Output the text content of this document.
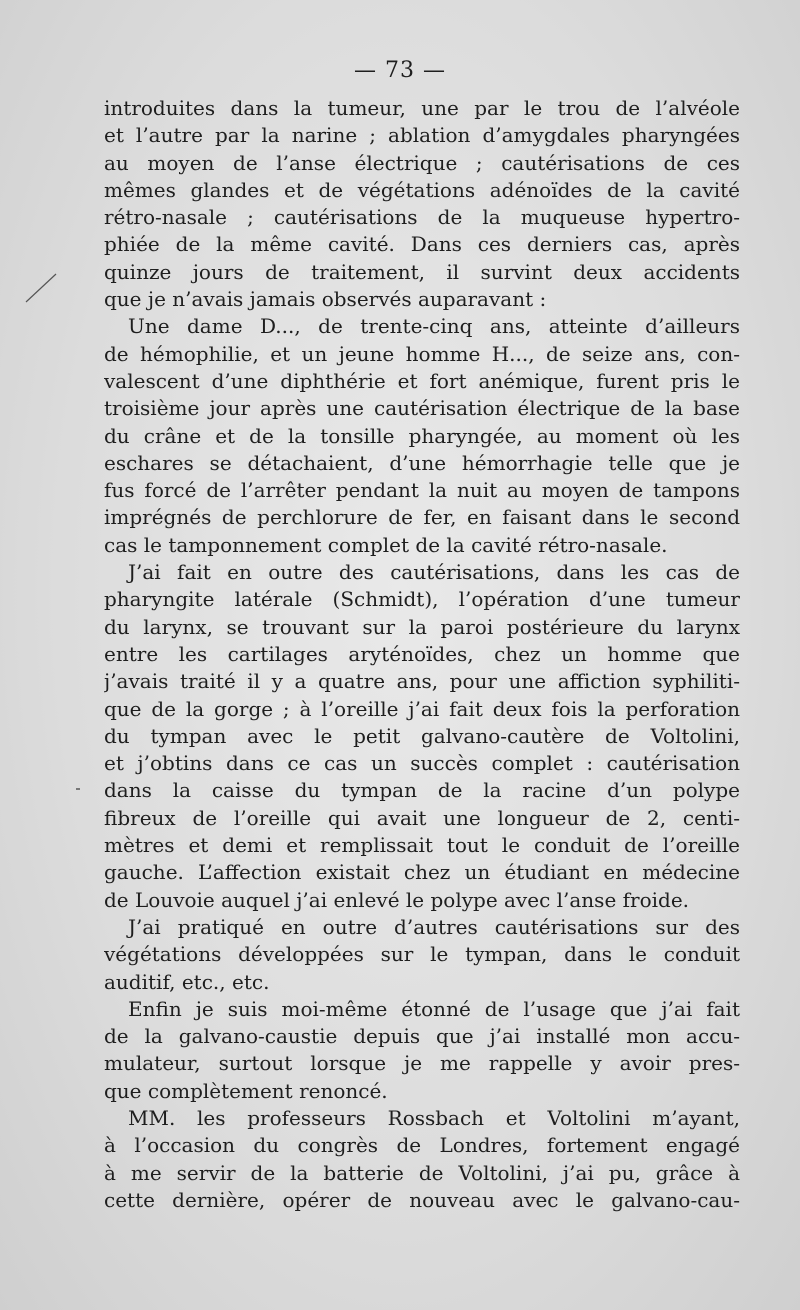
— 73 —
introduites dans la tumeur, une par le trou de l’alvéole
et l’autre par la narine ; ablation d’amygdales pharyngées
au moyen de l’anse électrique ; cautérisations de ces
mêmes glandes et de végétations adénoïdes de la cavité
rétro-nasale ; cautérisations de la muqueuse hypertro-
phiée de la même cavité. Dans ces derniers cas, après
quinze jours de traitement, il survint deux accidents
que je n’avais jamais observés auparavant :
Une dame D..., de trente-cinq ans, atteinte d’ailleurs
de hémophilie, et un jeune homme H..., de seize ans, con-
valescent d’une diphthérie et fort anémique, furent pris le
troisième jour après une cautérisation électrique de la base
du crâne et de la tonsille pharyngée, au moment où les
eschares se détachaient, d’une hémorrhagie telle que je
fus forcé de l’arrêter pendant la nuit au moyen de tampons
imprégnés de perchlorure de fer, en faisant dans le second
cas le tamponnement complet de la cavité rétro-nasale.
J’ai fait en outre des cautérisations, dans les cas de
pharyngite latérale (Schmidt), l’opération d’une tumeur
du larynx, se trouvant sur la paroi postérieure du larynx
entre les cartilages aryténoïdes, chez un homme que
j’avais traité il y a quatre ans, pour une affiction syphiliti-
que de la gorge ; à l’oreille j’ai fait deux fois la perforation
du tympan avec le petit galvano-cautère de Voltolini,
et j’obtins dans ce cas un succès complet : cautérisation
dans la caisse du tympan de la racine d’un polype
fibreux de l’oreille qui avait une longueur de 2, centi-
mètres et demi et remplissait tout le conduit de l’oreille
gauche. L’affection existait chez un étudiant en médecine
de Louvoie auquel j’ai enlevé le polype avec l’anse froide.
J’ai pratiqué en outre d’autres cautérisations sur des
végétations développées sur le tympan, dans le conduit
auditif, etc., etc.
Enfin je suis moi-même étonné de l’usage que j’ai fait
de la galvano-caustie depuis que j’ai installé mon accu-
mulateur, surtout lorsque je me rappelle y avoir pres-
que complètement renoncé.
MM. les professeurs Rossbach et Voltolini m’ayant,
à l’occasion du congrès de Londres, fortement engagé
à me servir de la batterie de Voltolini, j’ai pu, grâce à
cette dernière, opérer de nouveau avec le galvano-cau-
